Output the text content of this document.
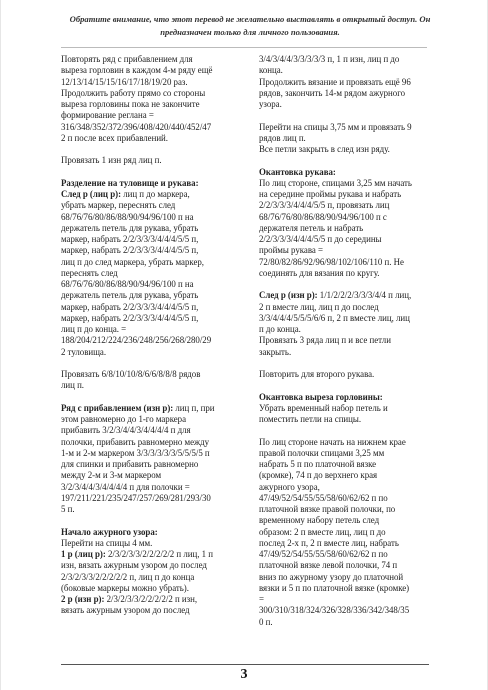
Обратите внимание, что этот перевод не желательно выставлять в открытый доступ. Он
предназначен только для личного пользования.
Повторять ряд с прибавлением для
выреза горловин в каждом 4-м ряду ещё
12/13/14/15/15/16/17/18/19/20 раз.
Продолжить работу прямо со стороны
выреза горловины пока не закончите
формирование реглана =
316/348/352/372/396/408/420/440/452/47
2 п после всех прибавлений.
Провязать 1 изн ряд лиц п.
Разделение на туловище и рукава:
След р (лиц р): лиц п до маркера,
убрать маркер, переснять след
68/76/76/80/86/88/90/94/96/100 п на
держатель петель для рукава, убрать
маркер, набрать 2/2/3/3/3/4/4/4/5/5 п,
маркер, набрать 2/2/3/3/3/4/4/4/5/5 п,
лиц п до след маркера, убрать маркер,
переснять след
68/76/76/80/86/88/90/94/96/100 п на
держатель петель для рукава, убрать
маркер, набрать 2/2/3/3/3/4/4/4/5/5 п,
маркер, набрать 2/2/3/3/3/4/4/4/5/5 п,
лиц п до конца. =
188/204/212/224/236/248/256/268/280/29
2 туловища.
Провязать 6/8/10/10/8/6/6/8/8/8 рядов
лиц п.
Ряд с прибавлением (изн р): лиц п, при
этом равномерно до 1-го маркера
прибавить 3/2/3/4/4/3/4/4/4/4 п для
полочки, прибавить равномерно между
1-м и 2-м маркером 3/3/3/3/3/3/5/5/5/5 п
для спинки и прибавить равномерно
между 2-м и 3-м маркером
3/2/3/4/4/3/4/4/4/4 п для полочки =
197/211/221/235/247/257/269/281/293/30
5 п.
Начало ажурного узора:
Перейти на спицы 4 мм.
1 р (лиц р): 2/3/2/3/3/2/2/2/2/2 п лиц, 1 п
изн, вязать ажурным узором до послед
2/3/2/3/3/2/2/2/2/2 п, лиц п до конца
(боковые маркеры можно убрать).
2 р (изн р): 2/3/2/3/3/2/2/2/2/2 п изн,
вязать ажурным узором до послед
3/4/3/4/4/3/3/3/3/3 п, 1 п изн, лиц п до
конца.
Продолжить вязание и провязать ещё 96
рядов, закончить 14-м рядом ажурного
узора.
Перейти на спицы 3,75 мм и провязать 9
рядов лиц п.
Все петли закрыть в след изн ряду.
Окантовка рукава:
По лиц стороне, спицами 3,25 мм начать
на середине проймы рукава и набрать
2/2/3/3/3/4/4/4/5/5 п, провязать лиц
68/76/76/80/86/88/90/94/96/100 п с
держателя петель и набрать
2/2/3/3/3/4/4/4/5/5 п до середины
проймы рукава =
72/80/82/86/92/96/98/102/106/110 п. Не
соединять для вязания по кругу.
След р (изн р): 1/1/2/2/2/3/3/3/4/4 п лиц,
2 п вместе лиц, лиц п до послед
3/3/4/4/4/5/5/5/6/6 п, 2 п вместе лиц, лиц
п до конца.
Провязать 3 ряда лиц п и все петли
закрыть.
Повторить для второго рукава.
Окантовка выреза горловины:
Убрать временный набор петель и
поместить петли на спицы.
По лиц стороне начать на нижнем крае
правой полочки спицами 3,25 мм
набрать 5 п по платочной вязке
(кромке), 74 п до верхнего края
ажурного узора,
47/49/52/54/55/55/58/60/62/62 п по
платочной вязке правой полочки, по
временному набору петель след
образом: 2 п вместе лиц, лиц п до
послед 2-х п, 2 п вместе лиц, набрать
47/49/52/54/55/55/58/60/62/62 п по
платочной вязке левой полочки, 74 п
вниз по ажурному узору до платочной
вязки и 5 п по платочной вязке (кромке)
=
300/310/318/324/326/328/336/342/348/35
0 п.
3
